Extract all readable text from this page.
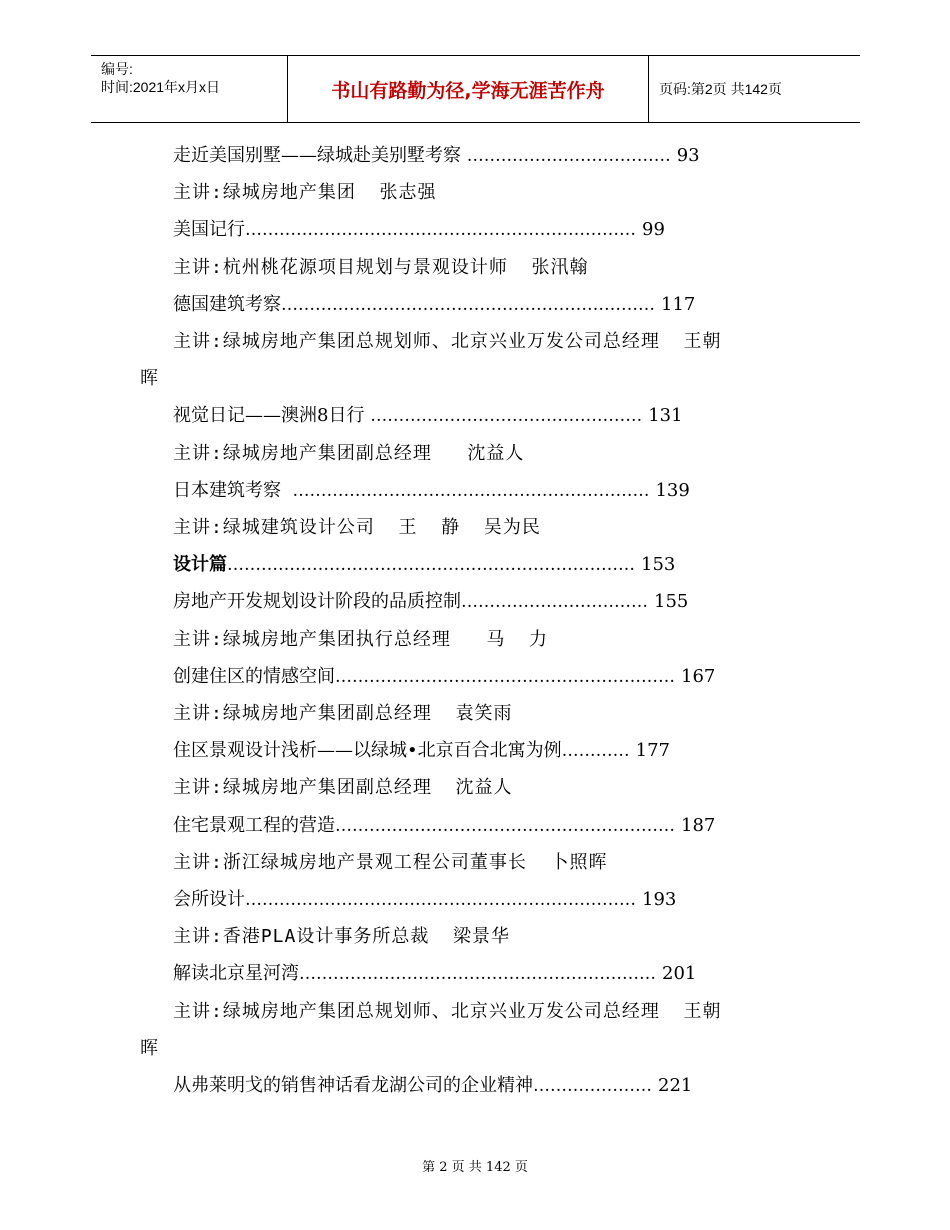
编号:
时间:2021年x月x日	书山有路勤为径,学海无涯苦作舟	页码:第2页 共142页
走近美国别墅——绿城赴美别墅考察 ……………………………… 93
主讲:绿城房地产集团  张志强
美国记行 …………………………………………………………… 99
主讲:杭州桃花源项目规划与景观设计师  张汛翰
德国建筑考察 ………………………………………………………… 117
主讲:绿城房地产集团总规划师、北京兴业万发公司总经理  王朝
晖
视觉日记——澳洲8日行 ………………………………………… 131
主讲:绿城房地产集团副总经理   沈益人
日本建筑考察 ……………………………………………………… 139
主讲:绿城建筑设计公司  王  静  吴为民
设计篇 ……………………………………………………………… 153
房地产开发规划设计阶段的品质控制 …………………………… 155
主讲:绿城房地产集团执行总经理   马  力
创建住区的情感空间 …………………………………………………… 167
主讲:绿城房地产集团副总经理  袁笑雨
住区景观设计浅析——以绿城•北京百合北寓为例 ………… 177
主讲:绿城房地产集团副总经理  沈益人
住宅景观工程的营造 …………………………………………………… 187
主讲:浙江绿城房地产景观工程公司董事长  卜照晖
会所设计 …………………………………………………………… 193
主讲:香港PLA设计事务所总裁  梁景华
解读北京星河湾 ……………………………………………………… 201
主讲:绿城房地产集团总规划师、北京兴业万发公司总经理  王朝
晖
从弗莱明戈的销售神话看龙湖公司的企业精神 ………………… 221
第 2 页 共 142 页
